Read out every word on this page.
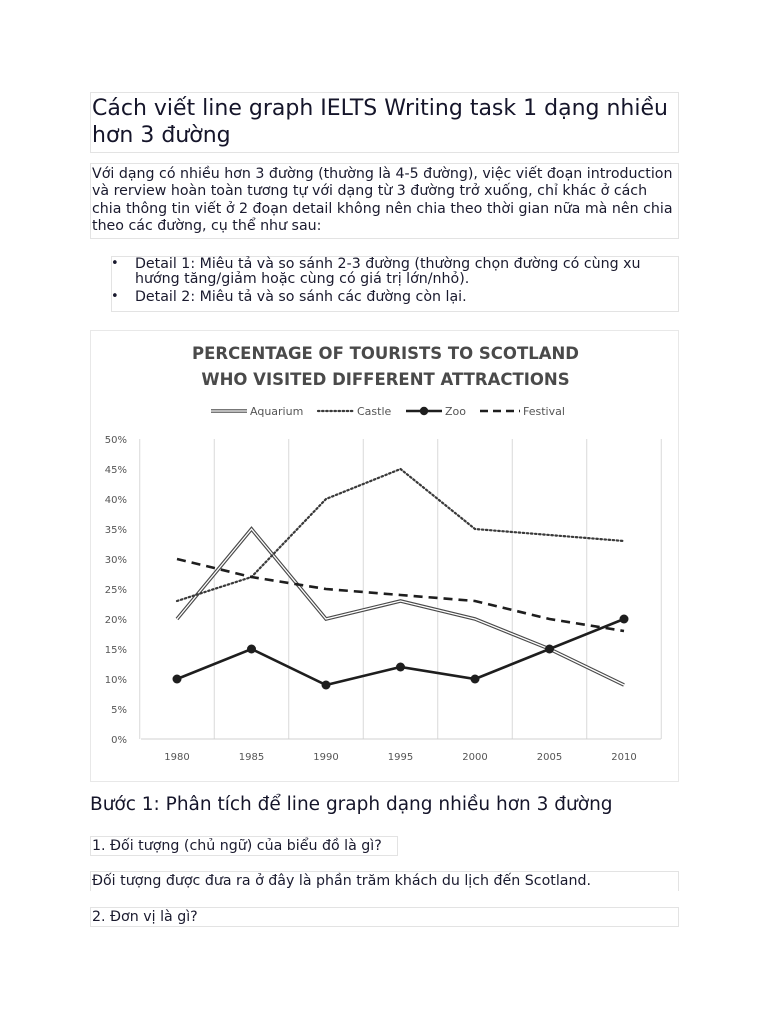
Cách viết line graph IELTS Writing task 1 dạng nhiều hơn 3 đường

Với dạng có nhiều hơn 3 đường (thường là 4-5 đường), việc viết đoạn introduction và rerview hoàn toàn tương tự với dạng từ 3 đường trở xuống, chỉ khác ở cách chia thông tin viết ở 2 đoạn detail không nên chia theo thời gian nữa mà nên chia theo các đường, cụ thể như sau:

• Detail 1: Miêu tả và so sánh 2-3 đường (thường chọn đường có cùng xu hướng tăng/giảm hoặc cùng có giá trị lớn/nhỏ).
• Detail 2: Miêu tả và so sánh các đường còn lại.
PERCENTAGE OF TOURISTS TO SCOTLAND
WHO VISITED DIFFERENT ATTRACTIONS
Aquarium	Castle	Zoo	Festival
0%
5%
10%
15%
20%
25%
30%
35%
40%
45%
50%
1980	1985	1990	1995	2000	2005	2010
Bước 1: Phân tích để line graph dạng nhiều hơn 3 đường
1. Đối tượng (chủ ngữ) của biểu đồ là gì?
Đối tượng được đưa ra ở đây là phần trăm khách du lịch đến Scotland.
2. Đơn vị là gì?
